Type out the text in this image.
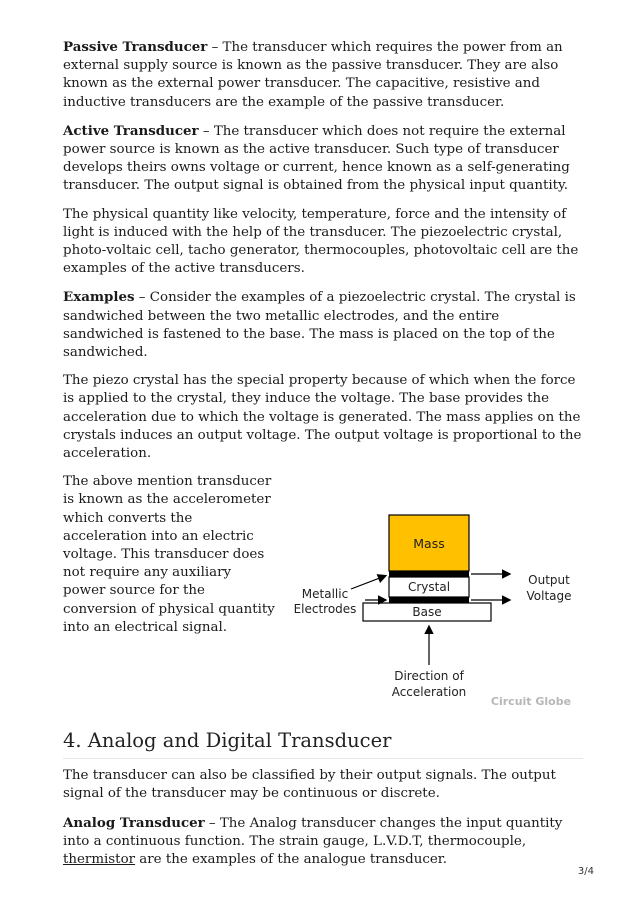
Passive Transducer – The transducer which requires the power from an external supply source is known as the passive transducer. They are also known as the external power transducer. The capacitive, resistive and inductive transducers are the example of the passive transducer.

Active Transducer – The transducer which does not require the external power source is known as the active transducer. Such type of transducer develops theirs owns voltage or current, hence known as a self-generating transducer. The output signal is obtained from the physical input quantity.

The physical quantity like velocity, temperature, force and the intensity of light is induced with the help of the transducer. The piezoelectric crystal, photo-voltaic cell, tacho generator, thermocouples, photovoltaic cell are the examples of the active transducers.

Examples – Consider the examples of a piezoelectric crystal. The crystal is sandwiched between the two metallic electrodes, and the entire sandwiched is fastened to the base. The mass is placed on the top of the sandwiched.

The piezo crystal has the special property because of which when the force is applied to the crystal, they induce the voltage. The base provides the acceleration due to which the voltage is generated. The mass applies on the crystals induces an output voltage. The output voltage is proportional to the acceleration.

The above mention transducer is known as the accelerometer which converts the acceleration into an electric voltage. This transducer does not require any auxiliary power source for the conversion of physical quantity into an electrical signal.

Mass
Crystal
Base
Metallic
Electrodes
Output
Voltage
Direction of
Acceleration
Circuit Globe
4. Analog and Digital Transducer

The transducer can also be classified by their output signals. The output signal of the transducer may be continuous or discrete.

Analog Transducer – The Analog transducer changes the input quantity into a continuous function. The strain gauge, L.V.D.T, thermocouple, thermistor are the examples of the analogue transducer.

3/4
